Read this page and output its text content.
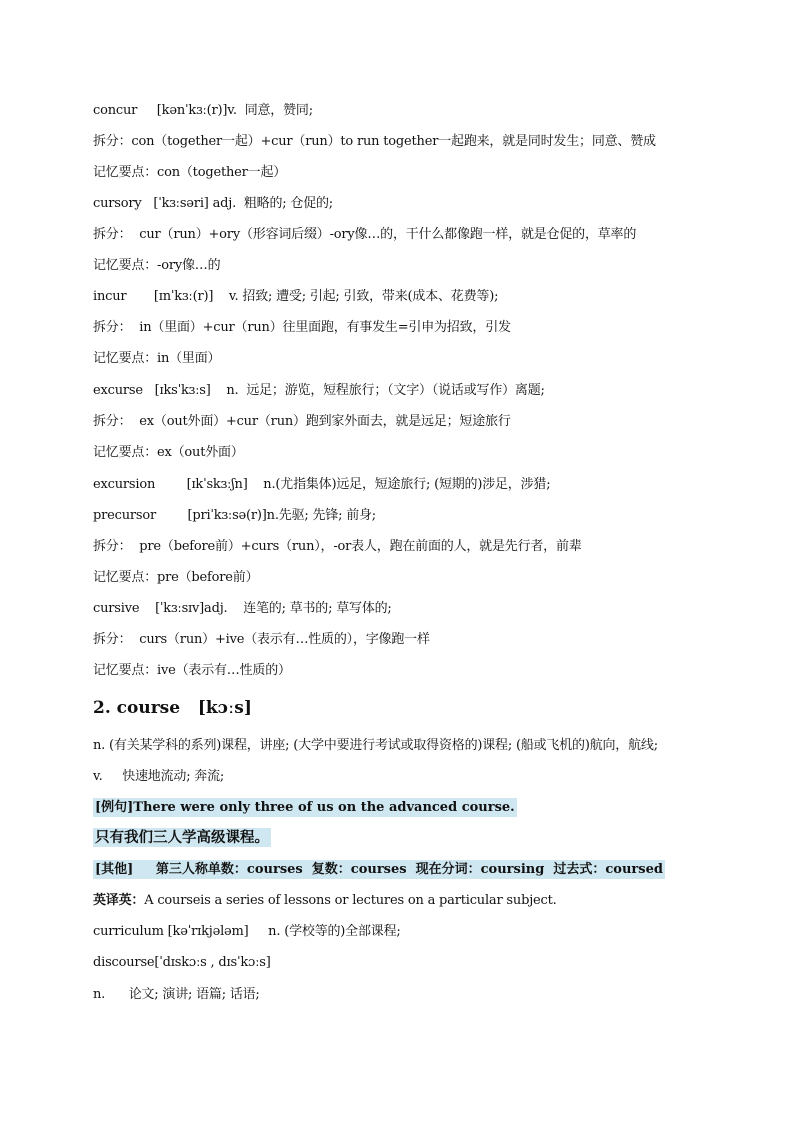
concur     [kənˈkɜː(r)]v.  同意，赞同;
拆分：con（together一起）+cur（run）to run together一起跑来，就是同时发生；同意、赞成
记忆要点：con（together一起）
cursory   [ˈkɜːsəri] adj.  粗略的; 仓促的;
拆分：  cur（run）+ory（形容词后缀）-ory像…的，干什么都像跑一样，就是仓促的，草率的
记忆要点：-ory像…的
incur       [ɪnˈkɜː(r)]    v. 招致; 遭受; 引起; 引致，带来(成本、花费等);
拆分：  in（里面）+cur（run）往里面跑，有事发生=引申为招致，引发
记忆要点：in（里面）
excurse   [ɪksˈkɜːs]    n.  远足；游览，短程旅行；（文字）（说话或写作）离题;
拆分：  ex（out外面）+cur（run）跑到家外面去，就是远足；短途旅行
记忆要点：ex（out外面）
excursion        [ɪkˈskɜːʃn]    n.(尤指集体)远足，短途旅行; (短期的)涉足，涉猎;
precursor        [priˈkɜːsə(r)]n.先驱; 先锋; 前身;
拆分：  pre（before前）+curs（run），-or表人，跑在前面的人，就是先行者，前辈
记忆要点：pre（before前）
cursive    [ˈkɜːsɪv]adj.    连笔的; 草书的; 草写体的;
拆分：  curs（run）+ive（表示有…性质的），字像跑一样
记忆要点：ive（表示有…性质的）
2. course   [kɔːs]
n. (有关某学科的系列)课程，讲座; (大学中要进行考试或取得资格的)课程; (船或飞机的)航向，航线;
v.     快速地流动; 奔流;
[例句]There were only three of us on the advanced course.
只有我们三人学高级课程。
[其他]     第三人称单数：courses  复数：courses  现在分词：coursing  过去式：coursed
英译英：A courseis a series of lessons or lectures on a particular subject.
curriculum [kəˈrɪkjələm]     n. (学校等的)全部课程;
discourse[ˈdɪskɔːs , dɪsˈkɔːs]
n.      论文; 演讲; 语篇; 话语;
